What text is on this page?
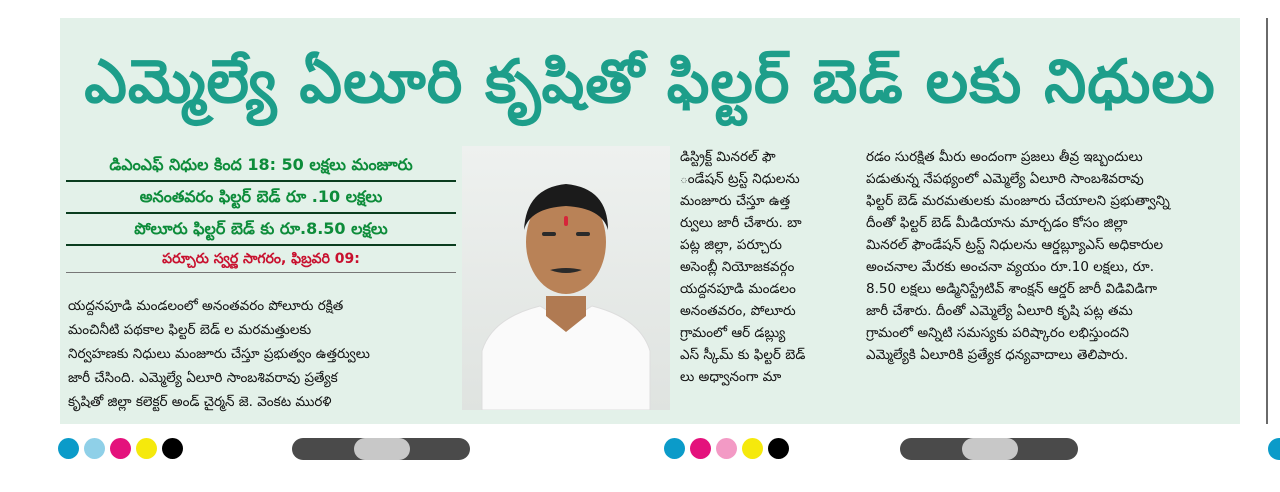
ఎమ్మెల్యే ఏలూరి కృషితో ఫిల్టర్ బెడ్ లకు నిధులు
డిఎంఎఫ్ నిధుల కింద 18: 50 లక్షలు మంజూరు
అనంతవరం ఫిల్టర్ బెడ్ రూ .10 లక్షలు
పోలూరు ఫిల్టర్ బెడ్ కు రూ.8.50 లక్షలు
పర్చూరు స్వర్ణ సాగరం, ఫిబ్రవరి 09:
యద్దనపూడి మండలంలో అనంతవరం పోలూరు రక్షిత
మంచినీటి పథకాల ఫిల్టర్ బెడ్ ల మరమత్తులకు
నిర్వహణకు నిధులు మంజూరు చేస్తూ ప్రభుత్వం ఉత్తర్వులు
జారీ చేసింది. ఎమ్మెల్యే ఏలూరి సాంబశివరావు ప్రత్యేక
కృషితో జిల్లా కలెక్టర్ అండ్ చైర్మన్ జె. వెంకట మురళి
డిస్ట్రిక్ట్ మినరల్ ఫౌ
ండేషన్ ట్రస్ట్ నిధులను
మంజూరు చేస్తూ ఉత్త
ర్వులు జారీ చేశారు. బా
పట్ల జిల్లా, పర్చూరు
అసెంబ్లీ నియోజకవర్గం
యద్దనపూడి మండలం
అనంతవరం, పోలూరు
గ్రామంలో ఆర్ డబ్ల్యు
ఎస్ స్కీమ్ కు ఫిల్టర్ బెడ్
లు అధ్వానంగా మా
రడం సురక్షిత మీరు అందంగా ప్రజలు తీవ్ర ఇబ్బందులు
పడుతున్న నేపథ్యంలో ఎమ్మెల్యే ఏలూరి సాంబశివరావు
ఫిల్టర్ బెడ్ మరమతులకు మంజూరు చేయాలని ప్రభుత్వాన్ని
దీంతో ఫిల్టర్ బెడ్ మీడియాను మార్చడం కోసం జిల్లా
మినరల్ ఫౌండేషన్ ట్రస్ట్ నిధులను ఆర్డబ్ల్యూఎస్ అధికారుల
అంచనాల మేరకు అంచనా వ్యయం రూ.10 లక్షలు, రూ.
8.50 లక్షలు అడ్మినిస్ట్రేటివ్ శాంక్షన్ ఆర్డర్ జారీ విడివిడిగా
జారీ చేశారు. దీంతో ఎమ్మెల్యే ఏలూరి కృషి పట్ల తమ
గ్రామంలో అన్నిటి సమస్యకు పరిష్కారం లభిస్తుందని
ఎమ్మెల్యేకి ఏలూరికి ప్రత్యేక ధన్యవాదాలు తెలిపారు.
